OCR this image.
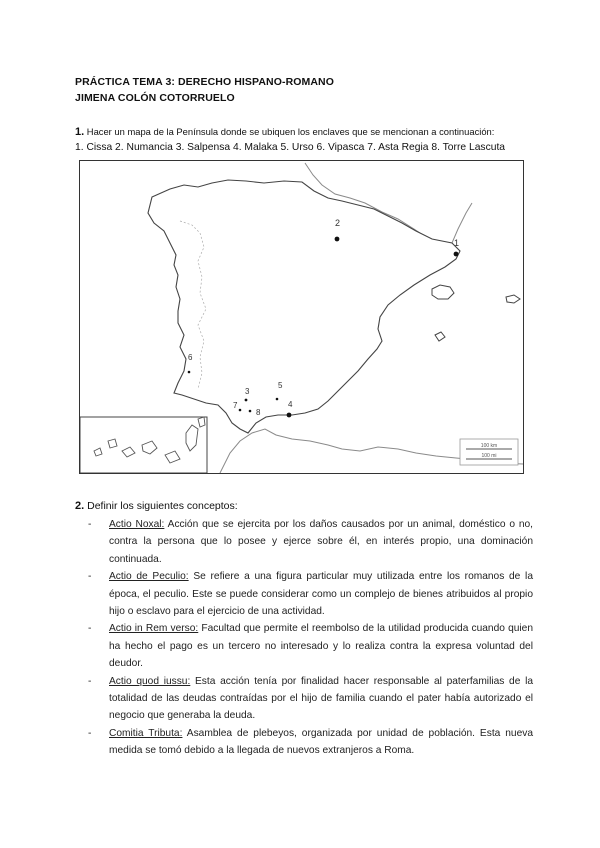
PRÁCTICA TEMA 3: DERECHO HISPANO-ROMANO
JIMENA COLÓN COTORRUELO
1. Hacer un mapa de la Península donde se ubiquen los enclaves que se mencionan a continuación:
1. Cissa 2. Numancia 3. Salpensa 4. Malaka 5. Urso 6. Vipasca 7. Asta Regia 8. Torre Lascuta
100 km
100 mi
1
2
3
4
5
6
7
8
2. Definir los siguientes conceptos:
- Actio Noxal: Acción que se ejercita por los daños causados por un animal, doméstico o no, contra la persona que lo posee y ejerce sobre él, en interés propio, una dominación continuada.
- Actio de Peculio: Se refiere a una figura particular muy utilizada entre los romanos de la época, el peculio. Este se puede considerar como un complejo de bienes atribuidos al propio hijo o esclavo para el ejercicio de una actividad.
- Actio in Rem verso: Facultad que permite el reembolso de la utilidad producida cuando quien ha hecho el pago es un tercero no interesado y lo realiza contra la expresa voluntad del deudor.
- Actio quod iussu: Esta acción tenía por finalidad hacer responsable al paterfamilias de la totalidad de las deudas contraídas por el hijo de familia cuando el pater había autorizado el negocio que generaba la deuda.
- Comitia Tributa: Asamblea de plebeyos, organizada por unidad de población. Esta nueva medida se tomó debido a la llegada de nuevos extranjeros a Roma.
